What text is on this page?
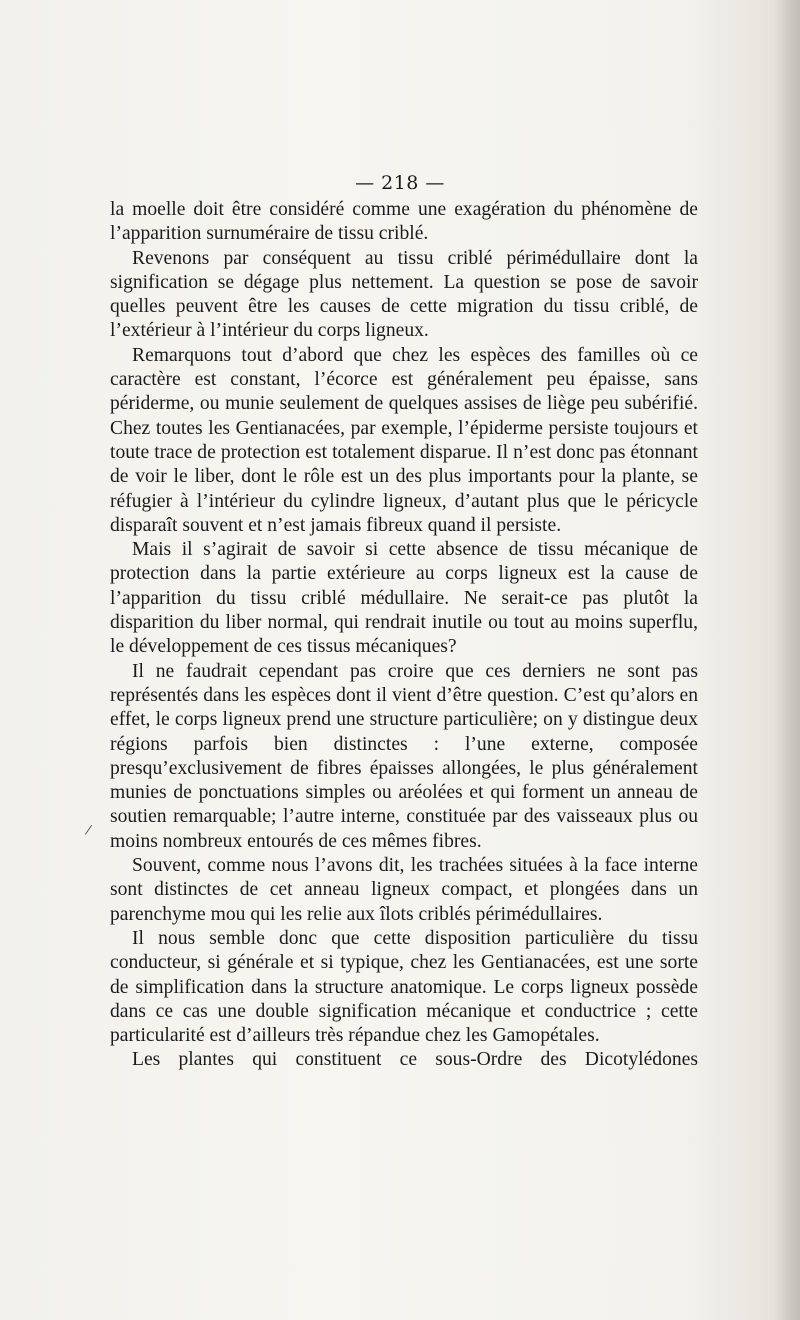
— 218 —
/

la moelle doit être considéré comme une exagération du phénomène de l’apparition surnuméraire de tissu criblé.

Revenons par conséquent au tissu criblé périmédullaire dont la signification se dégage plus nettement. La question se pose de savoir quelles peuvent être les causes de cette migration du tissu criblé, de l’extérieur à l’intérieur du corps ligneux.

Remarquons tout d’abord que chez les espèces des familles où ce caractère est constant, l’écorce est généralement peu épaisse, sans périderme, ou munie seulement de quelques assises de liège peu subérifié. Chez toutes les Gentianacées, par exemple, l’épiderme persiste toujours et toute trace de protection est totalement disparue. Il n’est donc pas étonnant de voir le liber, dont le rôle est un des plus importants pour la plante, se réfugier à l’intérieur du cylindre ligneux, d’autant plus que le péricycle disparaît souvent et n’est jamais fibreux quand il persiste.

Mais il s’agirait de savoir si cette absence de tissu mécanique de protection dans la partie extérieure au corps ligneux est la cause de l’apparition du tissu criblé médullaire. Ne serait-ce pas plutôt la disparition du liber normal, qui rendrait inutile ou tout au moins superflu, le développement de ces tissus mécaniques?

Il ne faudrait cependant pas croire que ces derniers ne sont pas représentés dans les espèces dont il vient d’être question. C’est qu’alors en effet, le corps ligneux prend une structure particulière; on y distingue deux régions parfois bien distinctes : l’une externe, composée presqu’exclusivement de fibres épaisses allongées, le plus généralement munies de ponctuations simples ou aréolées et qui forment un anneau de soutien remarquable; l’autre interne, constituée par des vaisseaux plus ou moins nombreux entourés de ces mêmes fibres.

Souvent, comme nous l’avons dit, les trachées situées à la face interne sont distinctes de cet anneau ligneux compact, et plongées dans un parenchyme mou qui les relie aux îlots criblés périmédullaires.

Il nous semble donc que cette disposition particulière du tissu conducteur, si générale et si typique, chez les Gentianacées, est une sorte de simplification dans la structure anatomique. Le corps ligneux possède dans ce cas une double signification mécanique et conductrice ; cette particularité est d’ailleurs très répandue chez les Gamopétales.

Les plantes qui constituent ce sous-Ordre des Dicotylédones
